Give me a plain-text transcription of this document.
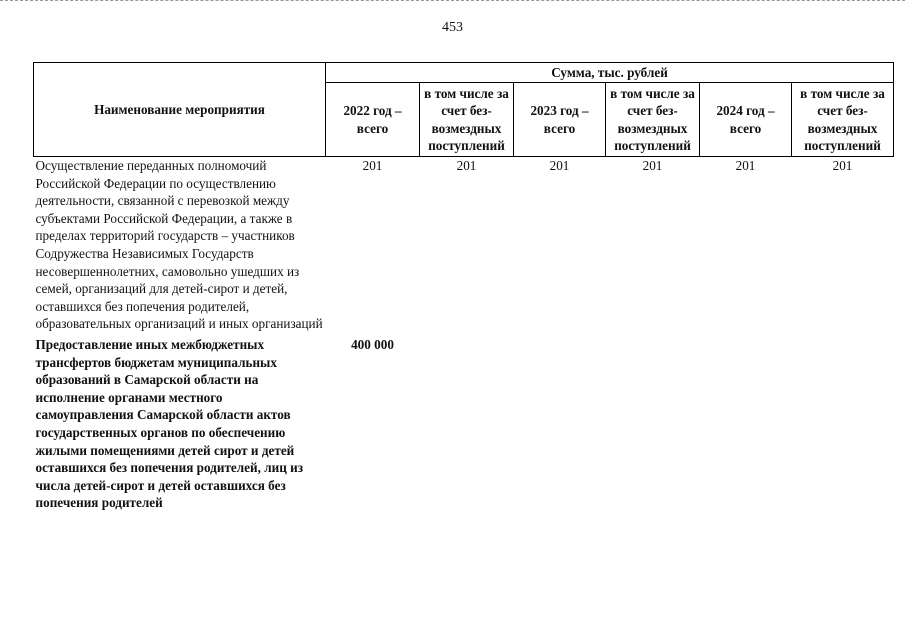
453
Наименование мероприятия	Сумма, тыс. рублей					
	2022 год – всего	в том числе за счет без-возмездных поступлений	2023 год – всего	в том числе за счет без-возмездных поступлений	2024 год – всего	в том числе за счет без-возмездных поступлений
Осуществление переданных полномочий Российской Федерации по осуществлению деятельности, связанной с перевозкой между субъектами Российской Федерации, а также в пределах территорий государств – участников Содружества Независимых Государств несовершеннолетних, самовольно ушедших из семей, организаций для детей-сирот и детей, оставшихся без попечения родителей, образовательных организаций и иных организаций	201	201	201	201	201	201
Предоставление иных межбюджетных трансфертов бюджетам муниципальных образований в Самарской области на исполнение органами местного самоуправления Самарской области актов государственных органов по обеспечению жилыми помещениями детей сирот и детей оставшихся без попечения родителей, лиц из числа детей-сирот и детей оставшихся без попечения родителей	400 000					
